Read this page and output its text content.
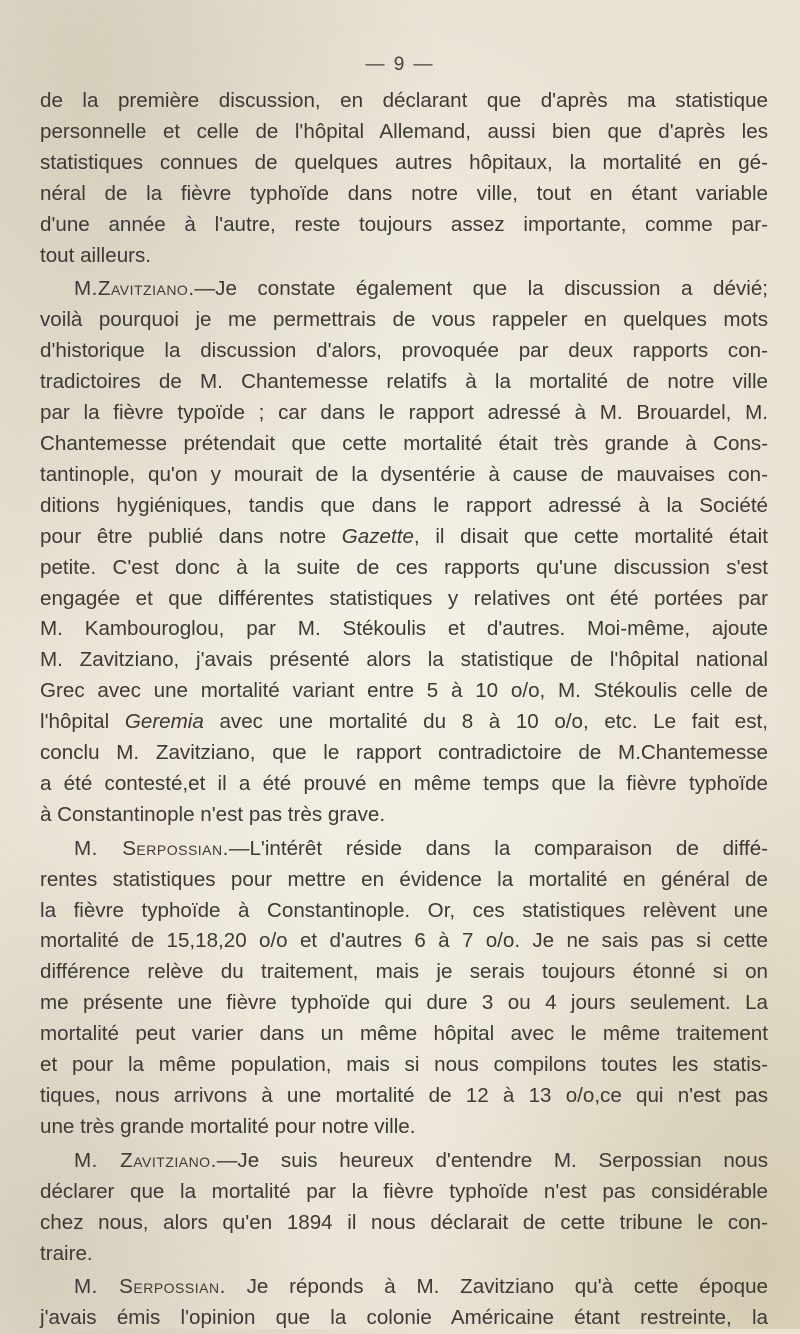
— 9 —
de la première discussion, en déclarant que d'après ma statistique
personnelle et celle de l'hôpital Allemand, aussi bien que d'après les
statistiques connues de quelques autres hôpitaux, la mortalité en gé-
néral de la fièvre typhoïde dans notre ville, tout en étant variable
d'une année à l'autre, reste toujours assez importante, comme par-
tout ailleurs.
M.Zavitziano.—Je constate également que la discussion a dévié;
voilà pourquoi je me permettrais de vous rappeler en quelques mots
d'historique la discussion d'alors, provoquée par deux rapports con-
tradictoires de M. Chantemesse relatifs à la mortalité de notre ville
par la fièvre typoïde ; car dans le rapport adressé à M. Brouardel, M.
Chantemesse prétendait que cette mortalité était très grande à Cons-
tantinople, qu'on y mourait de la dysentérie à cause de mauvaises con-
ditions hygiéniques, tandis que dans le rapport adressé à la Société
pour être publié dans notre Gazette, il disait que cette mortalité était
petite. C'est donc à la suite de ces rapports qu'une discussion s'est
engagée et que différentes statistiques y relatives ont été portées par
M. Kambouroglou, par M. Stékoulis et d'autres. Moi-même, ajoute
M. Zavitziano, j'avais présenté alors la statistique de l'hôpital national
Grec avec une mortalité variant entre 5 à 10 o/o, M. Stékoulis celle de
l'hôpital Geremia avec une mortalité du 8 à 10 o/o, etc. Le fait est,
conclu M. Zavitziano, que le rapport contradictoire de M.Chantemesse
a été contesté,et il a été prouvé en même temps que la fièvre typhoïde
à Constantinople n'est pas très grave.
M. Serpossian.—L'intérêt réside dans la comparaison de diffé-
rentes statistiques pour mettre en évidence la mortalité en général de
la fièvre typhoïde à Constantinople. Or, ces statistiques relèvent une
mortalité de 15,18,20 o/o et d'autres 6 à 7 o/o. Je ne sais pas si cette
différence relève du traitement, mais je serais toujours étonné si on
me présente une fièvre typhoïde qui dure 3 ou 4 jours seulement. La
mortalité peut varier dans un même hôpital avec le même traitement
et pour la même population, mais si nous compilons toutes les statis-
tiques, nous arrivons à une mortalité de 12 à 13 o/o,ce qui n'est pas
une très grande mortalité pour notre ville.
M. Zavitziano.—Je suis heureux d'entendre M. Serpossian nous
déclarer que la mortalité par la fièvre typhoïde n'est pas considérable
chez nous, alors qu'en 1894 il nous déclarait de cette tribune le con-
traire.
M. Serpossian. Je réponds à M. Zavitziano qu'à cette époque
j'avais émis l'opinion que la colonie Américaine étant restreinte, la
